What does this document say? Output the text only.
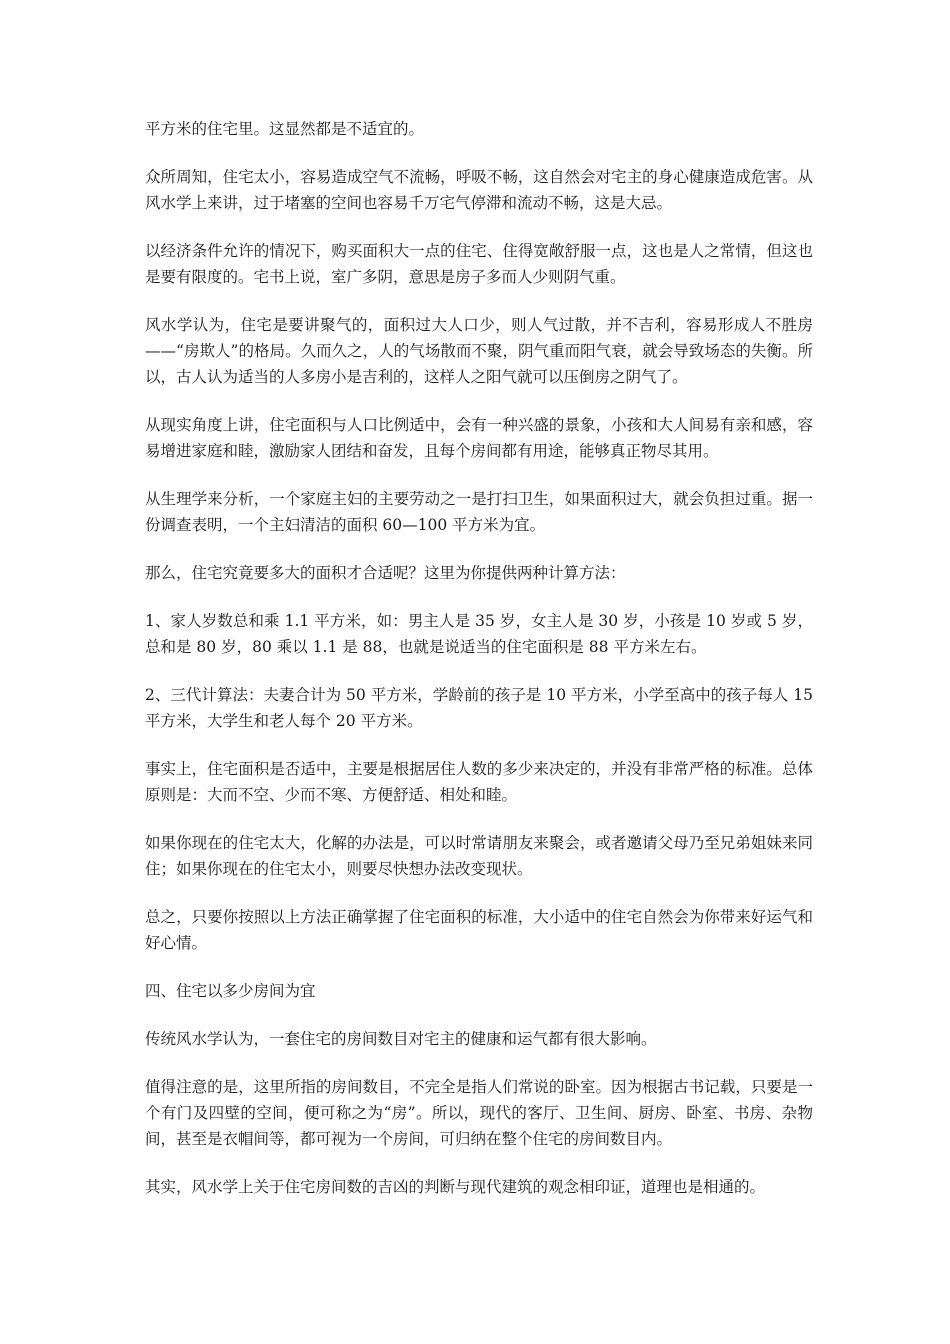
平方米的住宅里。这显然都是不适宜的。

众所周知，住宅太小，容易造成空气不流畅，呼吸不畅，这自然会对宅主的身心健康造成危害。从风水学上来讲，过于堵塞的空间也容易千万宅气停滞和流动不畅，这是大忌。

以经济条件允许的情况下，购买面积大一点的住宅、住得宽敞舒服一点，这也是人之常情，但这也是要有限度的。宅书上说，室广多阴，意思是房子多而人少则阴气重。

风水学认为，住宅是要讲聚气的，面积过大人口少，则人气过散，并不吉利，容易形成人不胜房——“房欺人”的格局。久而久之，人的气场散而不聚，阴气重而阳气衰，就会导致场态的失衡。所以，古人认为适当的人多房小是吉利的，这样人之阳气就可以压倒房之阴气了。

从现实角度上讲，住宅面积与人口比例适中，会有一种兴盛的景象，小孩和大人间易有亲和感，容易增进家庭和睦，激励家人团结和奋发，且每个房间都有用途，能够真正物尽其用。

从生理学来分析，一个家庭主妇的主要劳动之一是打扫卫生，如果面积过大，就会负担过重。据一份调查表明，一个主妇清洁的面积 60—100 平方米为宜。

那么，住宅究竟要多大的面积才合适呢？这里为你提供两种计算方法：

1、家人岁数总和乘 1.1 平方米，如：男主人是 35 岁，女主人是 30 岁，小孩是 10 岁或 5 岁，总和是 80 岁，80 乘以 1.1 是 88，也就是说适当的住宅面积是 88 平方米左右。

2、三代计算法：夫妻合计为 50 平方米，学龄前的孩子是 10 平方米，小学至高中的孩子每人 15 平方米，大学生和老人每个 20 平方米。

事实上，住宅面积是否适中，主要是根据居住人数的多少来决定的，并没有非常严格的标准。总体原则是：大而不空、少而不寒、方便舒适、相处和睦。

如果你现在的住宅太大，化解的办法是，可以时常请朋友来聚会，或者邀请父母乃至兄弟姐妹来同住；如果你现在的住宅太小，则要尽快想办法改变现状。

总之，只要你按照以上方法正确掌握了住宅面积的标准，大小适中的住宅自然会为你带来好运气和好心情。

四、住宅以多少房间为宜

传统风水学认为，一套住宅的房间数目对宅主的健康和运气都有很大影响。

值得注意的是，这里所指的房间数目，不完全是指人们常说的卧室。因为根据古书记载，只要是一个有门及四壁的空间，便可称之为“房”。所以，现代的客厅、卫生间、厨房、卧室、书房、杂物间，甚至是衣帽间等，都可视为一个房间，可归纳在整个住宅的房间数目内。

其实，风水学上关于住宅房间数的吉凶的判断与现代建筑的观念相印证，道理也是相通的。
